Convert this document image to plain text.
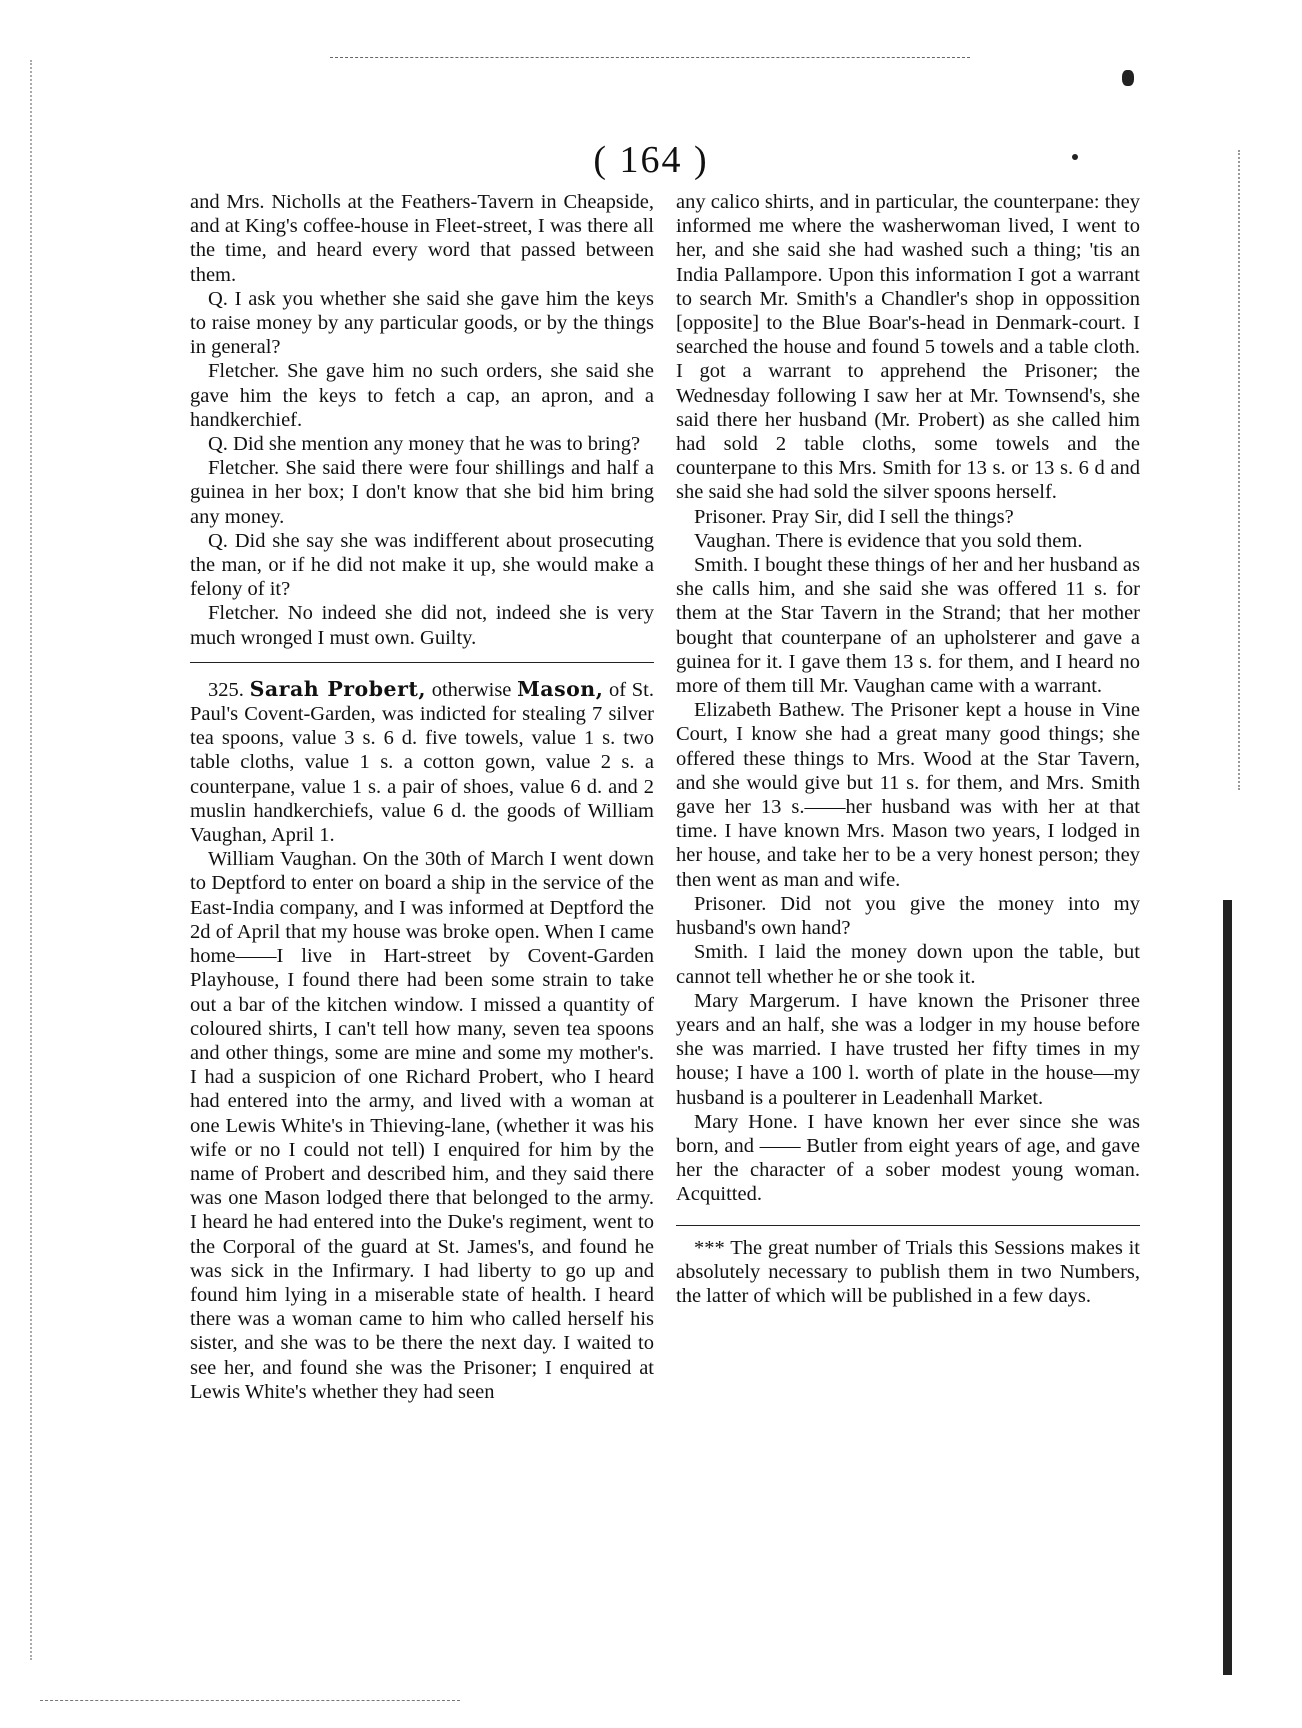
( 164 )

and Mrs. Nicholls at the Feathers-Tavern in Cheapside, and at King's coffee-house in Fleet-street, I was there all the time, and heard every word that passed between them.

Q. I ask you whether she said she gave him the keys to raise money by any particular goods, or by the things in general?

Fletcher. She gave him no such orders, she said she gave him the keys to fetch a cap, an apron, and a handkerchief.

Q. Did she mention any money that he was to bring?

Fletcher. She said there were four shillings and half a guinea in her box; I don't know that she bid him bring any money.

Q. Did she say she was indifferent about prosecuting the man, or if he did not make it up, she would make a felony of it?

Fletcher. No indeed she did not, indeed she is very much wronged I must own. Guilty.

325. Sarah Probert, otherwise Mason, of St. Paul's Covent-Garden, was indicted for stealing 7 silver tea spoons, value 3 s. 6 d. five towels, value 1 s. two table cloths, value 1 s. a cotton gown, value 2 s. a counterpane, value 1 s. a pair of shoes, value 6 d. and 2 muslin handkerchiefs, value 6 d. the goods of William Vaughan, April 1.

William Vaughan. On the 30th of March I went down to Deptford to enter on board a ship in the service of the East-India company, and I was informed at Deptford the 2d of April that my house was broke open. When I came home——I live in Hart-street by Covent-Garden Playhouse, I found there had been some strain to take out a bar of the kitchen window. I missed a quantity of coloured shirts, I can't tell how many, seven tea spoons and other things, some are mine and some my mother's. I had a suspicion of one Richard Probert, who I heard had entered into the army, and lived with a woman at one Lewis White's in Thieving-lane, (whether it was his wife or no I could not tell) I enquired for him by the name of Probert and described him, and they said there was one Mason lodged there that belonged to the army. I heard he had entered into the Duke's regiment, went to the Corporal of the guard at St. James's, and found he was sick in the Infirmary. I had liberty to go up and found him lying in a miserable state of health. I heard there was a woman came to him who called herself his sister, and she was to be there the next day. I waited to see her, and found she was the Prisoner; I enquired at Lewis White's whether they had seen

any calico shirts, and in particular, the counterpane: they informed me where the washerwoman lived, I went to her, and she said she had washed such a thing; 'tis an India Pallampore. Upon this information I got a warrant to search Mr. Smith's a Chandler's shop in oppossition [opposite] to the Blue Boar's-head in Denmark-court. I searched the house and found 5 towels and a table cloth. I got a warrant to apprehend the Prisoner; the Wednesday following I saw her at Mr. Townsend's, she said there her husband (Mr. Probert) as she called him had sold 2 table cloths, some towels and the counterpane to this Mrs. Smith for 13 s. or 13 s. 6 d and she said she had sold the silver spoons herself.

Prisoner. Pray Sir, did I sell the things?

Vaughan. There is evidence that you sold them.

Smith. I bought these things of her and her husband as she calls him, and she said she was offered 11 s. for them at the Star Tavern in the Strand; that her mother bought that counterpane of an upholsterer and gave a guinea for it. I gave them 13 s. for them, and I heard no more of them till Mr. Vaughan came with a warrant.

Elizabeth Bathew. The Prisoner kept a house in Vine Court, I know she had a great many good things; she offered these things to Mrs. Wood at the Star Tavern, and she would give but 11 s. for them, and Mrs. Smith gave her 13 s.——her husband was with her at that time. I have known Mrs. Mason two years, I lodged in her house, and take her to be a very honest person; they then went as man and wife.

Prisoner. Did not you give the money into my husband's own hand?

Smith. I laid the money down upon the table, but cannot tell whether he or she took it.

Mary Margerum. I have known the Prisoner three years and an half, she was a lodger in my house before she was married. I have trusted her fifty times in my house; I have a 100 l. worth of plate in the house—my husband is a poulterer in Leadenhall Market.

Mary Hone. I have known her ever since she was born, and —— Butler from eight years of age, and gave her the character of a sober modest young woman. Acquitted.

*** The great number of Trials this Sessions makes it absolutely necessary to publish them in two Numbers, the latter of which will be published in a few days.
